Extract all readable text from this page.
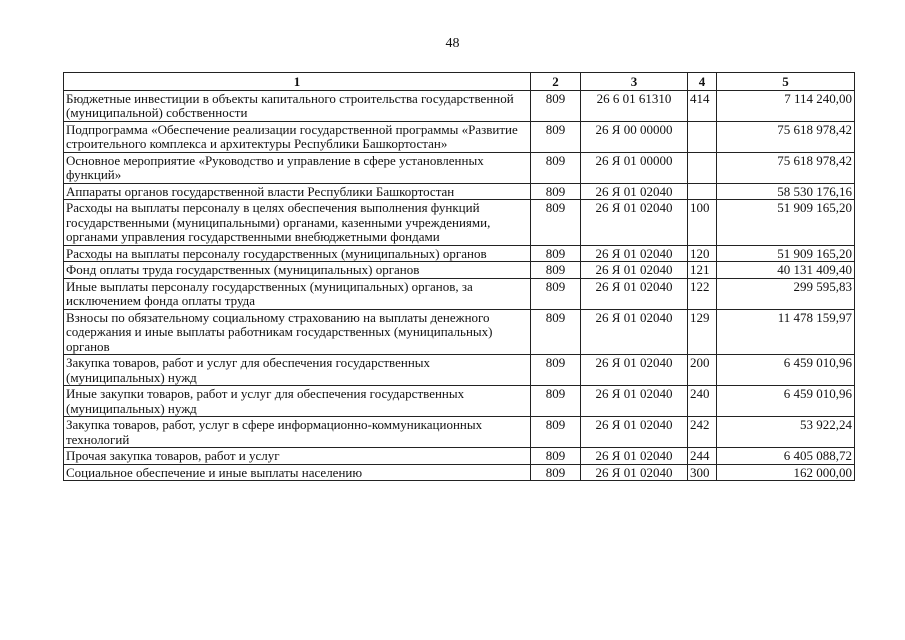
48
1	2	3	4	5
Бюджетные инвестиции в объекты капитального строительства государственной (муниципальной) собственности	809	26 6 01 61310	414	7 114 240,00
Подпрограмма «Обеспечение реализации государственной программы «Развитие строительного комплекса и архитектуры Республики Башкортостан»	809	26 Я 00 00000		75 618 978,42
Основное мероприятие «Руководство и управление в сфере установленных функций»	809	26 Я 01 00000		75 618 978,42
Аппараты органов государственной власти Республики Башкортостан	809	26 Я 01 02040		58 530 176,16
Расходы на выплаты персоналу в целях обеспечения выполнения функций государственными (муниципальными) органами, казенными учреждениями, органами управления государственными внебюджетными фондами	809	26 Я 01 02040	100	51 909 165,20
Расходы на выплаты персоналу государственных (муниципальных) органов	809	26 Я 01 02040	120	51 909 165,20
Фонд оплаты труда государственных (муниципальных) органов	809	26 Я 01 02040	121	40 131 409,40
Иные выплаты персоналу государственных (муниципальных) органов, за исключением фонда оплаты труда	809	26 Я 01 02040	122	299 595,83
Взносы по обязательному социальному страхованию на выплаты денежного содержания и иные выплаты работникам государственных (муниципальных) органов	809	26 Я 01 02040	129	11 478 159,97
Закупка товаров, работ и услуг для обеспечения государственных (муниципальных) нужд	809	26 Я 01 02040	200	6 459 010,96
Иные закупки товаров, работ и услуг для обеспечения государственных (муниципальных) нужд	809	26 Я 01 02040	240	6 459 010,96
Закупка товаров, работ, услуг в сфере информационно-коммуникационных технологий	809	26 Я 01 02040	242	53 922,24
Прочая закупка товаров, работ и услуг	809	26 Я 01 02040	244	6 405 088,72
Социальное обеспечение и иные выплаты населению	809	26 Я 01 02040	300	162 000,00
